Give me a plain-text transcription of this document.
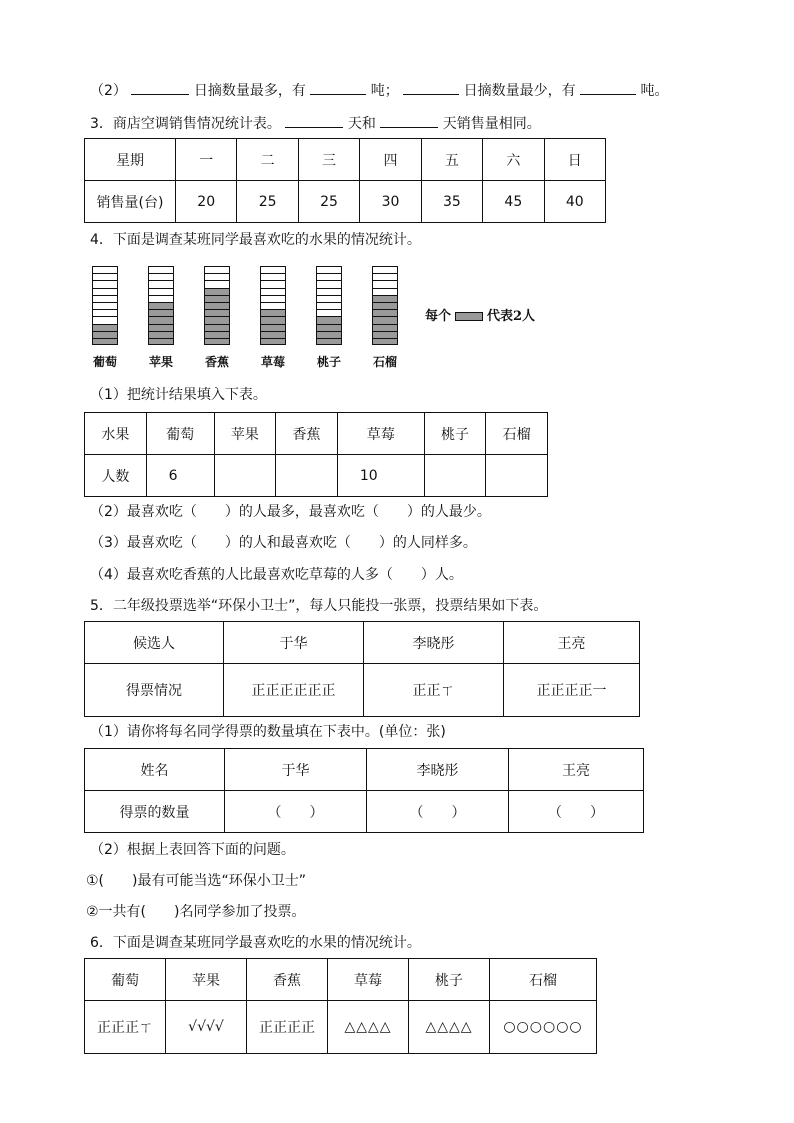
（2）	日摘数量最多，有	吨；	日摘数量最少，有	吨。
3．商店空调销售情况统计表。	天和	天销售量相同。
星期	一	二	三	四	五	六	日
销售量(台)	20	25	25	30	35	45	40
4．下面是调查某班同学最喜欢吃的水果的情况统计。
葡萄	苹果	香蕉	草莓	桃子	石榴
每个	代表2人
（1）把统计结果填入下表。
水果	葡萄	苹果	香蕉	草莓	桃子	石榴
人数	6			10		
（2）最喜欢吃（　　）的人最多，最喜欢吃（　　）的人最少。
（3）最喜欢吃（　　）的人和最喜欢吃（　　）的人同样多。
（4）最喜欢吃香蕉的人比最喜欢吃草莓的人多（　　）人。
5．二年级投票选举“环保小卫士”，每人只能投一张票，投票结果如下表。
候选人	于华	李晓彤	王亮
得票情况	正正正正正正	正正ㄒ	正正正正一
（1）请你将每名同学得票的数量填在下表中。(单位：张)
姓名	于华	李晓彤	王亮
得票的数量	（　　）	（　　）	（　　）
（2）根据上表回答下面的问题。
①(　　)最有可能当选“环保小卫士”
②一共有(　　)名同学参加了投票。
6．下面是调查某班同学最喜欢吃的水果的情况统计。
葡萄	苹果	香蕉	草莓	桃子	石榴
正正正ㄒ	√√√√	正正正正	△△△△	△△△△	○○○○○○
